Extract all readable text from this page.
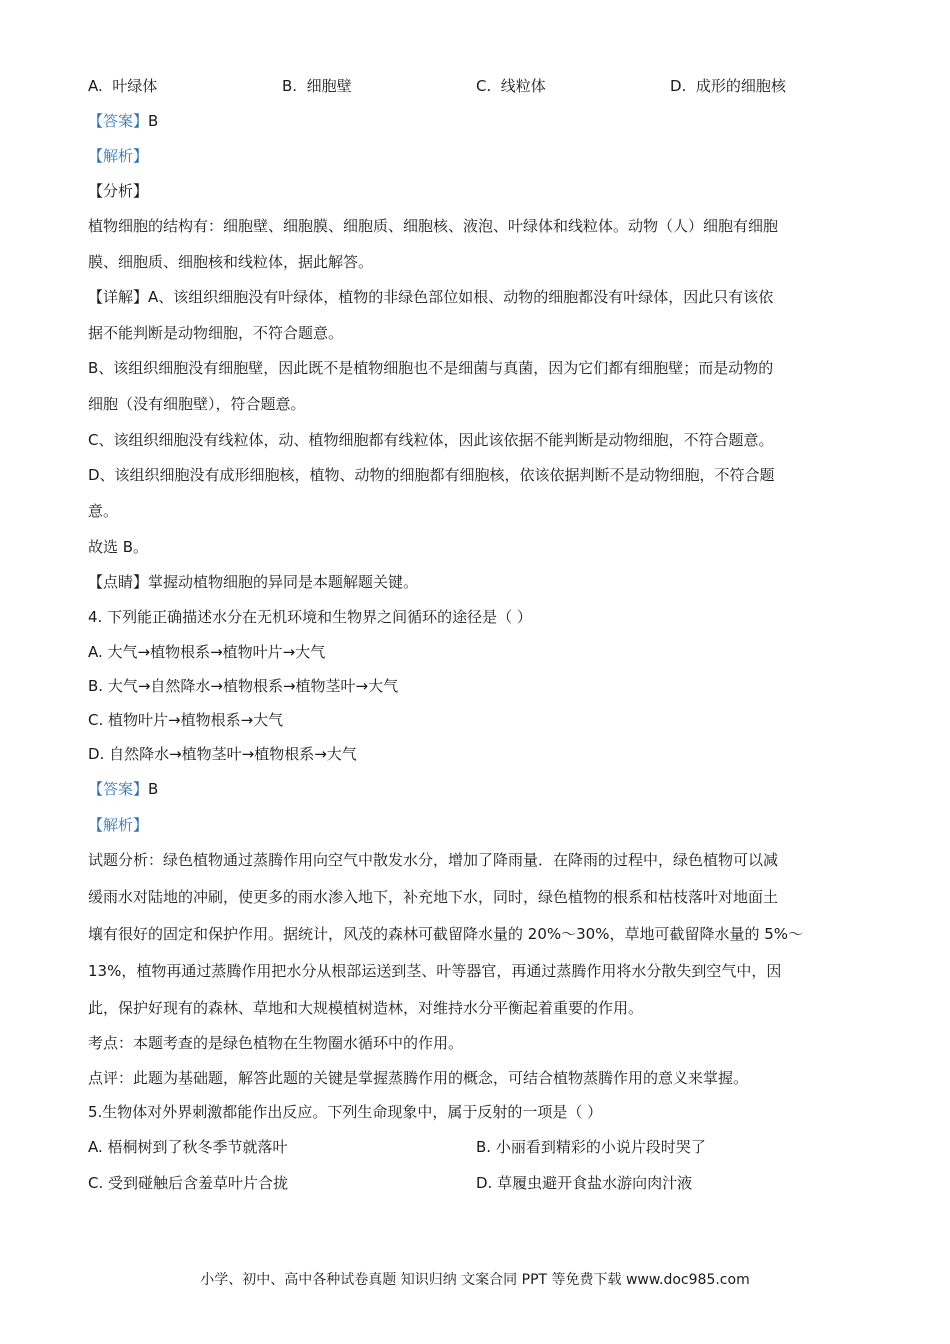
A. 叶绿体	B. 细胞壁	C. 线粒体	D. 成形的细胞核
【答案】B
【解析】
【分析】
植物细胞的结构有：细胞壁、细胞膜、细胞质、细胞核、液泡、叶绿体和线粒体。动物（人）细胞有细胞
膜、细胞质、细胞核和线粒体，据此解答。
【详解】A、该组织细胞没有叶绿体，植物的非绿色部位如根、动物的细胞都没有叶绿体，因此只有该依
据不能判断是动物细胞，不符合题意。
B、该组织细胞没有细胞壁，因此既不是植物细胞也不是细菌与真菌，因为它们都有细胞壁；而是动物的
细胞（没有细胞壁），符合题意。
C、该组织细胞没有线粒体，动、植物细胞都有线粒体，因此该依据不能判断是动物细胞，不符合题意。
D、该组织细胞没有成形细胞核，植物、动物的细胞都有细胞核，依该依据判断不是动物细胞，不符合题
意。
故选 B。
【点睛】掌握动植物细胞的异同是本题解题关键。
4. 下列能正确描述水分在无机环境和生物界之间循环的途径是（ ）
A. 大气→植物根系→植物叶片→大气
B. 大气→自然降水→植物根系→植物茎叶→大气
C. 植物叶片→植物根系→大气
D. 自然降水→植物茎叶→植物根系→大气
【答案】B
【解析】
试题分析：绿色植物通过蒸腾作用向空气中散发水分，增加了降雨量．在降雨的过程中，绿色植物可以减
缓雨水对陆地的冲刷，使更多的雨水渗入地下，补充地下水，同时，绿色植物的根系和枯枝落叶对地面土
壤有很好的固定和保护作用。据统计，风茂的森林可截留降水量的 20%～30%，草地可截留降水量的 5%～
13%，植物再通过蒸腾作用把水分从根部运送到茎、叶等器官，再通过蒸腾作用将水分散失到空气中，因
此，保护好现有的森林、草地和大规模植树造林，对维持水分平衡起着重要的作用。
考点：本题考查的是绿色植物在生物圈水循环中的作用。
点评：此题为基础题，解答此题的关键是掌握蒸腾作用的概念，可结合植物蒸腾作用的意义来掌握。
5.生物体对外界刺激都能作出反应。下列生命现象中，属于反射的一项是（ ）
A. 梧桐树到了秋冬季节就落叶	B. 小丽看到精彩的小说片段时哭了
C. 受到碰触后含羞草叶片合拢	D. 草履虫避开食盐水游向肉汁液
小学、初中、高中各种试卷真题 知识归纳 文案合同 PPT 等免费下载 www.doc985.com
